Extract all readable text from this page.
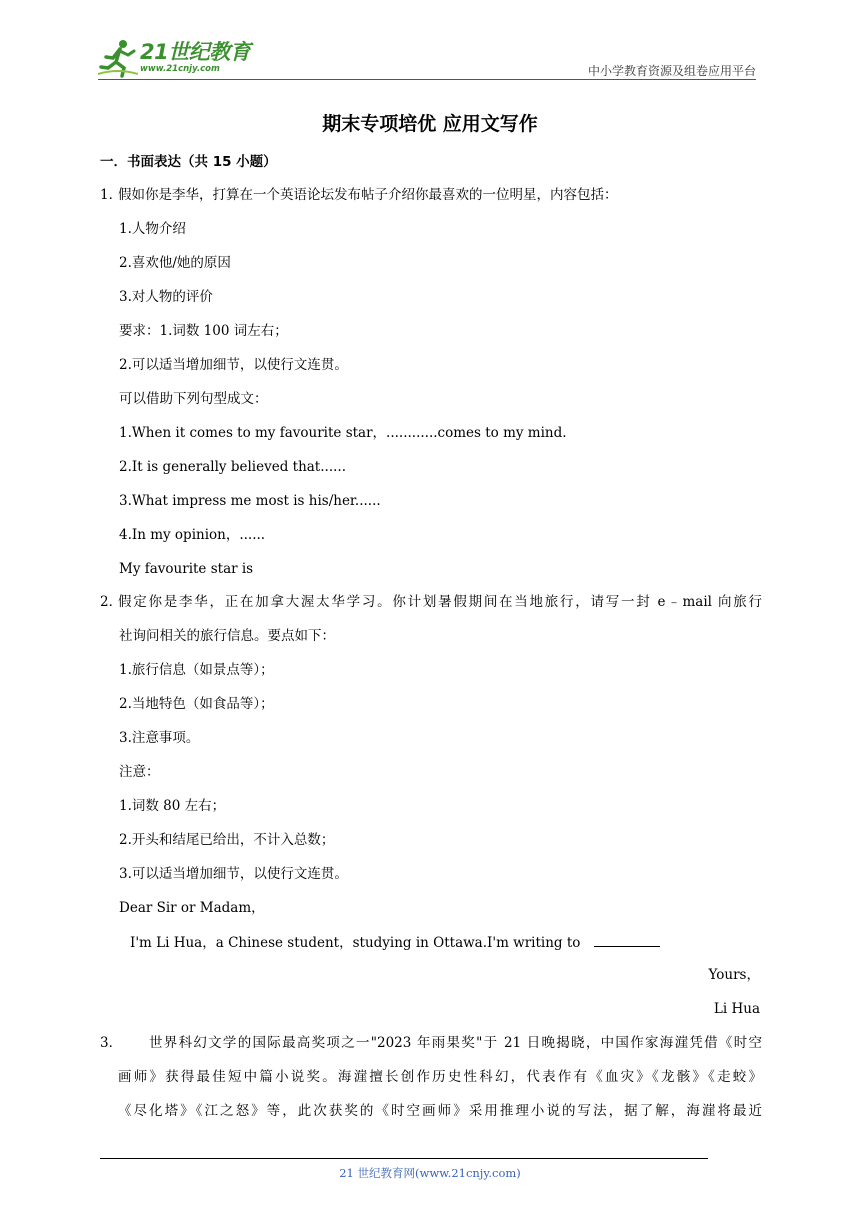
21世纪教育
www.21cnjy.com	中小学教育资源及组卷应用平台
期末专项培优 应用文写作
一．书面表达（共 15 小题）
1．
假如你是李华，打算在一个英语论坛发布帖子介绍你最喜欢的一位明星，内容包括：
1.人物介绍
2.喜欢他/她的原因
3.对人物的评价
要求：1.词数 100 词左右；
2.可以适当增加细节，以使行文连贯。
可以借助下列句型成文：
1.When it comes to my favourite star，............comes to my mind.
2.It is generally believed that......
3.What impress me most is his/her......
4.In my opinion，......
My favourite star is
2．
假定你是李华，正在加拿大渥太华学习。你计划暑假期间在当地旅行，请写一封 e﹣mail 向旅行
社询问相关的旅行信息。要点如下：
1.旅行信息（如景点等）；
2.当地特色（如食品等）；
3.注意事项。
注意：
1.词数 80 左右；
2.开头和结尾已给出，不计入总数；
3.可以适当增加细节，以使行文连贯。
Dear Sir or Madam，
I'm Li Hua，a Chinese student，studying in Ottawa.I'm writing to
Yours，
Li Hua
3． 世界科幻文学的国际最高奖项之一"2023 年雨果奖"于 21 日晚揭晓，中国作家海漄凭借《时空
画师》获得最佳短中篇小说奖。海漄擅长创作历史性科幻，代表作有《血灾》《龙骸》《走蛟》
《尽化塔》《江之怒》等，此次获奖的《时空画师》采用推理小说的写法，据了解，海漄将最近
21 世纪教育网(www.21cnjy.com)
